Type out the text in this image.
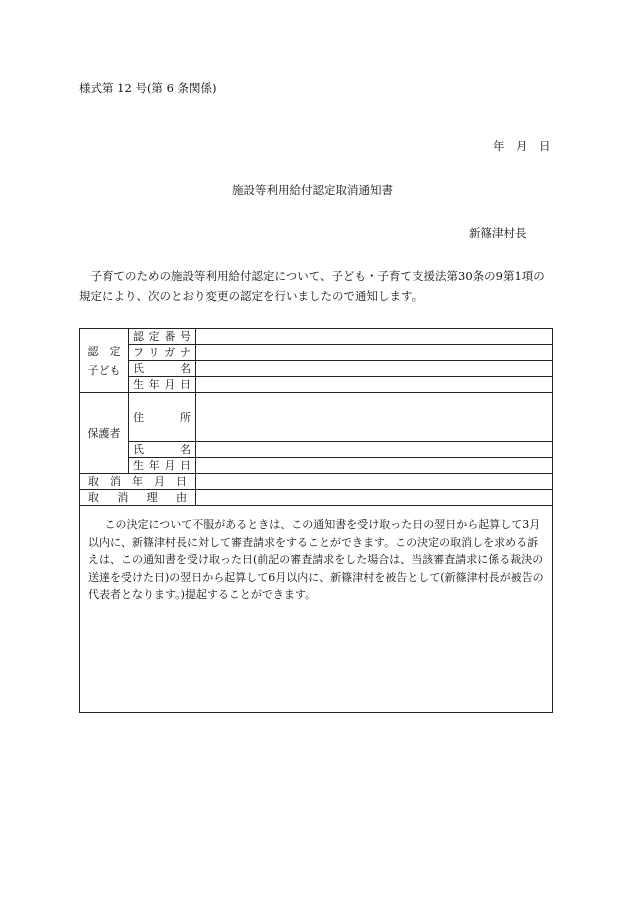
様式第 12 号(第 6 条関係)
年　月　日
施設等利用給付認定取消通知書
新篠津村長
子育てのための施設等利用給付認定について、子ども・子育て支援法第30条の9第1項の規定により、次のとおり変更の認定を行いましたので通知します。
認　定
子ども	認定番号	
	フリガナ	
	氏　　名	
	生年月日	
保護者	住　　所	
	氏　　名	
	生年月日	
取消年月日		
取消理由		
この決定について不服があるときは、この通知書を受け取った日の翌日から起算して3月以内に、新篠津村長に対して審査請求をすることができます。この決定の取消しを求める訴えは、この通知書を受け取った日(前記の審査請求をした場合は、当該審査請求に係る裁決の送達を受けた日)の翌日から起算して6月以内に、新篠津村を被告として(新篠津村長が被告の代表者となります。)提起することができます。		
